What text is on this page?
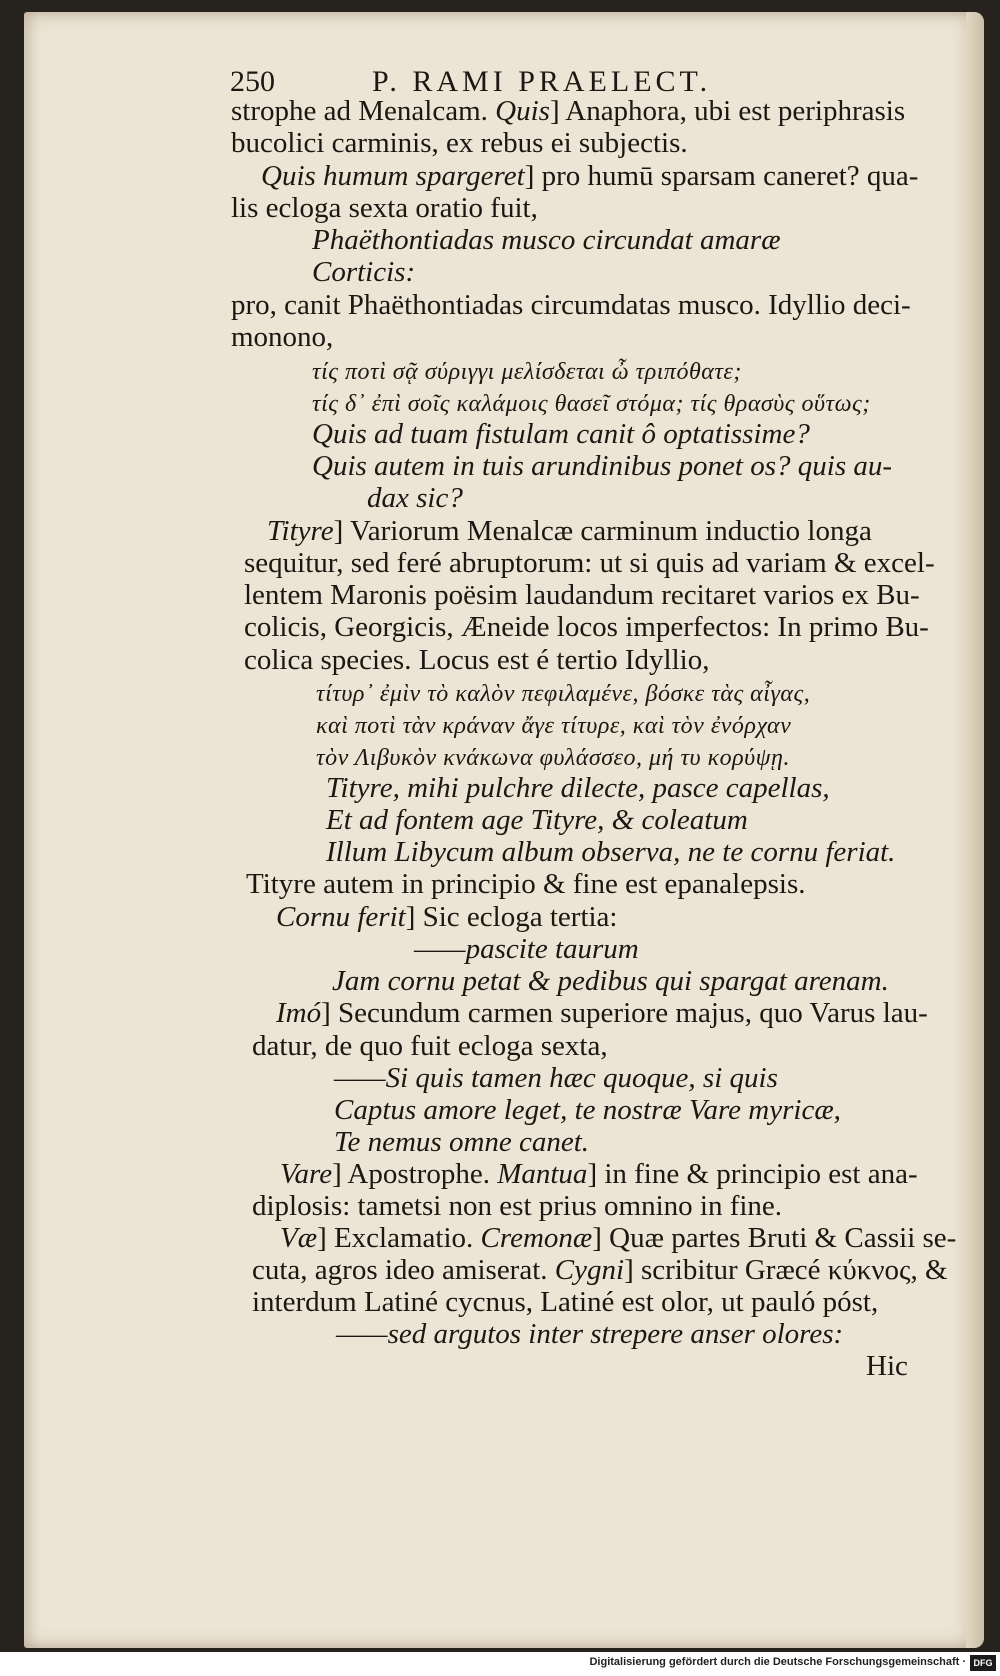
250	P. RAMI PRAELECT.
strophe ad Menalcam. Quis] Anaphora, ubi est periphrasis
bucolici carminis, ex rebus ei subjectis.
Quis humum spargeret] pro humū sparsam caneret? qua-
lis ecloga sexta oratio fuit,
Phaëthontiadas musco circundat amaræ
Corticis:
pro, canit Phaëthontiadas circumdatas musco. Idyllio deci-
monono,
τίς ποτὶ σᾷ σύριγγι μελίσδεται ὦ τριπόθατε;
τίς δ᾽ ἐπὶ σοῖς καλάμοις θασεῖ στόμα; τίς θρασὺς οὕτως;
Quis ad tuam fistulam canit ô optatissime?
Quis autem in tuis arundinibus ponet os? quis au-
dax sic?
Tityre] Variorum Menalcæ carminum inductio longa
sequitur, sed feré abruptorum: ut si quis ad variam & excel-
lentem Maronis poësim laudandum recitaret varios ex Bu-
colicis, Georgicis, Æneide locos imperfectos: In primo Bu-
colica species. Locus est é tertio Idyllio,
τίτυρ᾽ ἐμὶν τὸ καλὸν πεφιλαμένε, βόσκε τὰς αἶγας,
καὶ ποτὶ τὰν κράναν ἄγε τίτυρε, καὶ τὸν ἐνόρχαν
τὸν Λιβυκὸν κνάκωνα φυλάσσεο, μή τυ κορύψῃ.
Tityre, mihi pulchre dilecte, pasce capellas,
Et ad fontem age Tityre, & coleatum
Illum Libycum album observa, ne te cornu feriat.
Tityre autem in principio & fine est epanalepsis.
Cornu ferit] Sic ecloga tertia:
——pascite taurum
Jam cornu petat & pedibus qui spargat arenam.
Imó] Secundum carmen superiore majus, quo Varus lau-
datur, de quo fuit ecloga sexta,
——Si quis tamen hæc quoque, si quis
Captus amore leget, te nostræ Vare myricæ,
Te nemus omne canet.
Vare] Apostrophe. Mantua] in fine & principio est ana-
diplosis: tametsi non est prius omnino in fine.
Væ] Exclamatio. Cremonæ] Quæ partes Bruti & Cassii se-
cuta, agros ideo amiserat. Cygni] scribitur Græcé κύκνος, &
interdum Latiné cycnus, Latiné est olor, ut pauló póst,
——sed argutos inter strepere anser olores:
Hic
Digitalisierung gefördert durch die Deutsche Forschungsgemeinschaft · DFG
